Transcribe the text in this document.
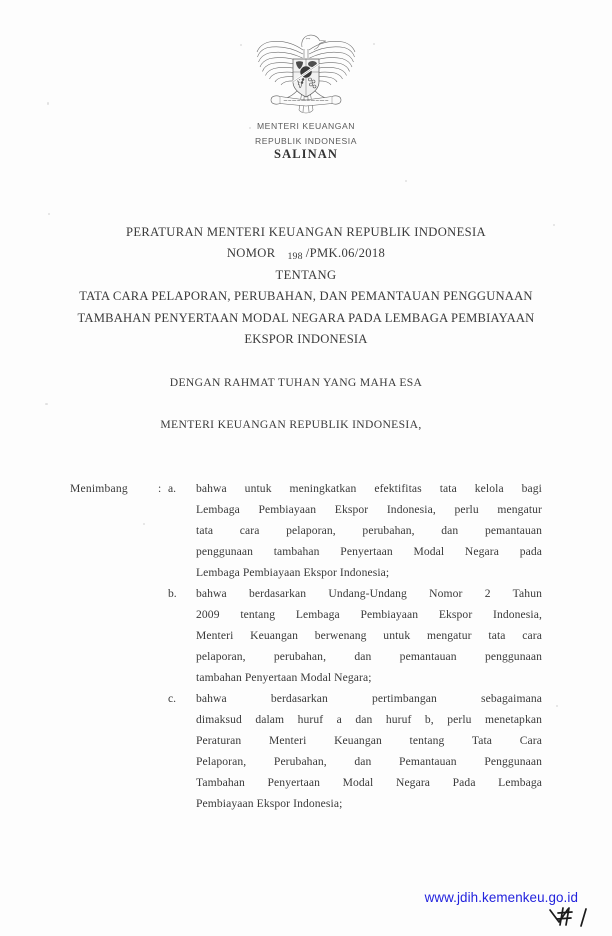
MENTERI KEUANGAN
REPUBLIK INDONESIA
SALINAN
PERATURAN MENTERI KEUANGAN REPUBLIK INDONESIA
NOMOR 198 /PMK.06/2018
TENTANG
TATA CARA PELAPORAN, PERUBAHAN, DAN PEMANTAUAN PENGGUNAAN
TAMBAHAN PENYERTAAN MODAL NEGARA PADA LEMBAGA PEMBIAYAAN
EKSPOR INDONESIA
DENGAN RAHMAT TUHAN YANG MAHA ESA
MENTERI KEUANGAN REPUBLIK INDONESIA,
Menimbang	: a.	bahwa untuk meningkatkan efektifitas tata kelola bagi
Lembaga Pembiayaan Ekspor Indonesia, perlu mengatur
tata cara pelaporan, perubahan, dan pemantauan
penggunaan tambahan Penyertaan Modal Negara pada
Lembaga Pembiayaan Ekspor Indonesia;
b.	bahwa berdasarkan Undang-Undang Nomor 2 Tahun
2009 tentang Lembaga Pembiayaan Ekspor Indonesia,
Menteri Keuangan berwenang untuk mengatur tata cara
pelaporan, perubahan, dan pemantauan penggunaan
tambahan Penyertaan Modal Negara;
c.	bahwa berdasarkan pertimbangan sebagaimana
dimaksud dalam huruf a dan huruf b, perlu menetapkan
Peraturan Menteri Keuangan tentang Tata Cara
Pelaporan, Perubahan, dan Pemantauan Penggunaan
Tambahan Penyertaan Modal Negara Pada Lembaga
Pembiayaan Ekspor Indonesia;
www.jdih.kemenkeu.go.id
